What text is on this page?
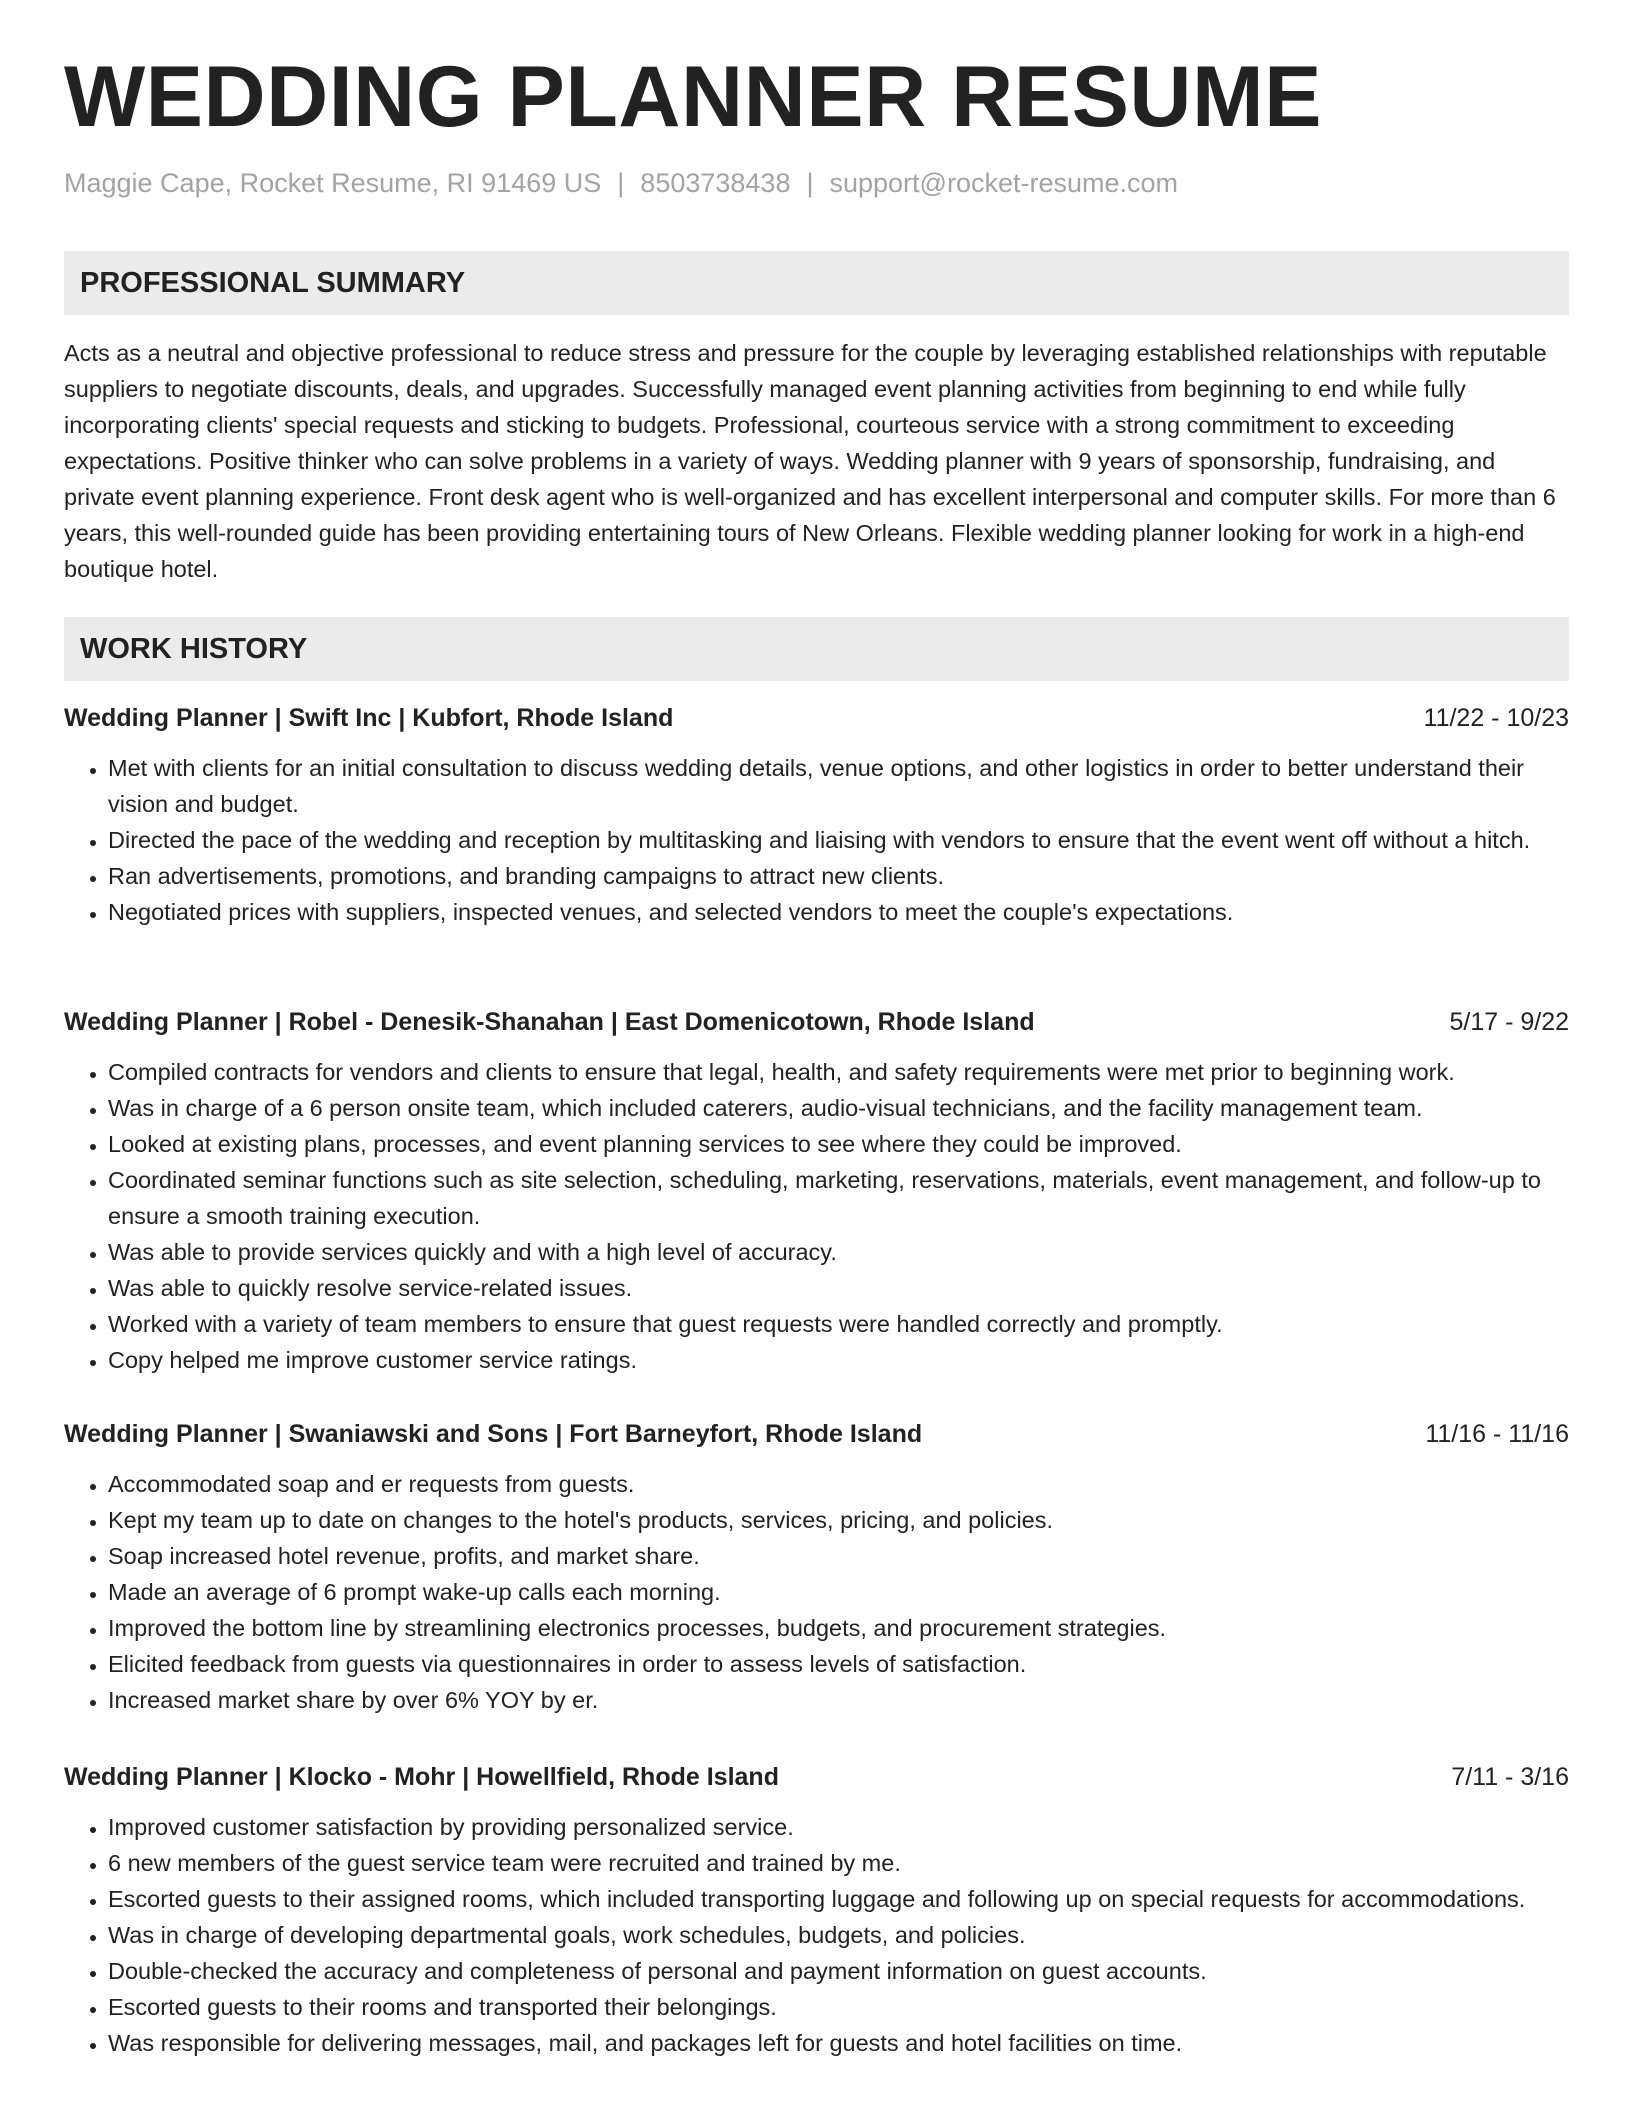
WEDDING PLANNER RESUME
Maggie Cape, Rocket Resume, RI 91469 US | 8503738438 | support@rocket-resume.com
PROFESSIONAL SUMMARY

Acts as a neutral and objective professional to reduce stress and pressure for the couple by leveraging established relationships with reputable suppliers to negotiate discounts, deals, and upgrades. Successfully managed event planning activities from beginning to end while fully incorporating clients' special requests and sticking to budgets. Professional, courteous service with a strong commitment to exceeding expectations. Positive thinker who can solve problems in a variety of ways. Wedding planner with 9 years of sponsorship, fundraising, and private event planning experience. Front desk agent who is well-organized and has excellent interpersonal and computer skills. For more than 6 years, this well-rounded guide has been providing entertaining tours of New Orleans. Flexible wedding planner looking for work in a high-end boutique hotel.

WORK HISTORY
Wedding Planner | Swift Inc | Kubfort, Rhode Island	11/22 - 10/23
• Met with clients for an initial consultation to discuss wedding details, venue options, and other logistics in order to better understand their vision and budget.
• Directed the pace of the wedding and reception by multitasking and liaising with vendors to ensure that the event went off without a hitch.
• Ran advertisements, promotions, and branding campaigns to attract new clients.
• Negotiated prices with suppliers, inspected venues, and selected vendors to meet the couple's expectations.
Wedding Planner | Robel - Denesik-Shanahan | East Domenicotown, Rhode Island	5/17 - 9/22
• Compiled contracts for vendors and clients to ensure that legal, health, and safety requirements were met prior to beginning work.
• Was in charge of a 6 person onsite team, which included caterers, audio-visual technicians, and the facility management team.
• Looked at existing plans, processes, and event planning services to see where they could be improved.
• Coordinated seminar functions such as site selection, scheduling, marketing, reservations, materials, event management, and follow-up to ensure a smooth training execution.
• Was able to provide services quickly and with a high level of accuracy.
• Was able to quickly resolve service-related issues.
• Worked with a variety of team members to ensure that guest requests were handled correctly and promptly.
• Copy helped me improve customer service ratings.
Wedding Planner | Swaniawski and Sons | Fort Barneyfort, Rhode Island	11/16 - 11/16
• Accommodated soap and er requests from guests.
• Kept my team up to date on changes to the hotel's products, services, pricing, and policies.
• Soap increased hotel revenue, profits, and market share.
• Made an average of 6 prompt wake-up calls each morning.
• Improved the bottom line by streamlining electronics processes, budgets, and procurement strategies.
• Elicited feedback from guests via questionnaires in order to assess levels of satisfaction.
• Increased market share by over 6% YOY by er.
Wedding Planner | Klocko - Mohr | Howellfield, Rhode Island	7/11 - 3/16
• Improved customer satisfaction by providing personalized service.
• 6 new members of the guest service team were recruited and trained by me.
• Escorted guests to their assigned rooms, which included transporting luggage and following up on special requests for accommodations.
• Was in charge of developing departmental goals, work schedules, budgets, and policies.
• Double-checked the accuracy and completeness of personal and payment information on guest accounts.
• Escorted guests to their rooms and transported their belongings.
• Was responsible for delivering messages, mail, and packages left for guests and hotel facilities on time.
